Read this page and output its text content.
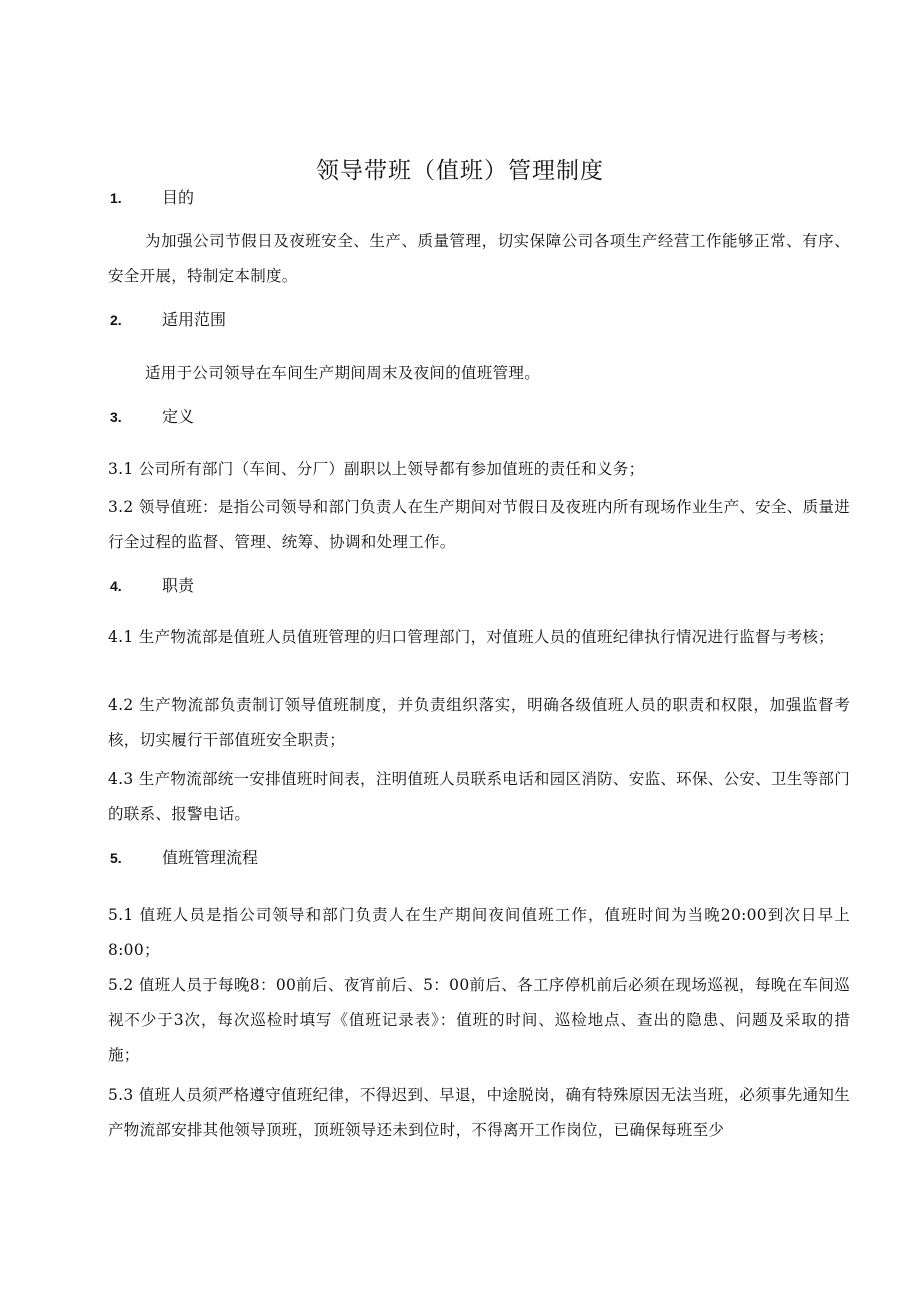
领导带班（值班）管理制度
1.	目的
为加强公司节假日及夜班安全、生产、质量管理，切实保障公司各项生产经营工作能够正常、有序、安全开展，特制定本制度。
2.	适用范围
适用于公司领导在车间生产期间周末及夜间的值班管理。
3.	定义
3.1 公司所有部门（车间、分厂）副职以上领导都有参加值班的责任和义务；
3.2 领导值班：是指公司领导和部门负责人在生产期间对节假日及夜班内所有现场作业生产、安全、质量进行全过程的监督、管理、统筹、协调和处理工作。
4.	职责
4.1 生产物流部是值班人员值班管理的归口管理部门，对值班人员的值班纪律执行情况进行监督与考核；
4.2 生产物流部负责制订领导值班制度，并负责组织落实，明确各级值班人员的职责和权限，加强监督考核，切实履行干部值班安全职责；
4.3 生产物流部统一安排值班时间表，注明值班人员联系电话和园区消防、安监、环保、公安、卫生等部门的联系、报警电话。
5.	值班管理流程
5.1 值班人员是指公司领导和部门负责人在生产期间夜间值班工作，值班时间为当晚20:00到次日早上8:00；
5.2 值班人员于每晚8：00前后、夜宵前后、5：00前后、各工序停机前后必须在现场巡视，每晚在车间巡视不少于3次，每次巡检时填写《值班记录表》：值班的时间、巡检地点、查出的隐患、问题及采取的措施；
5.3 值班人员须严格遵守值班纪律，不得迟到、早退，中途脱岗，确有特殊原因无法当班，必须事先通知生产物流部安排其他领导顶班，顶班领导还未到位时，不得离开工作岗位，已确保每班至少
